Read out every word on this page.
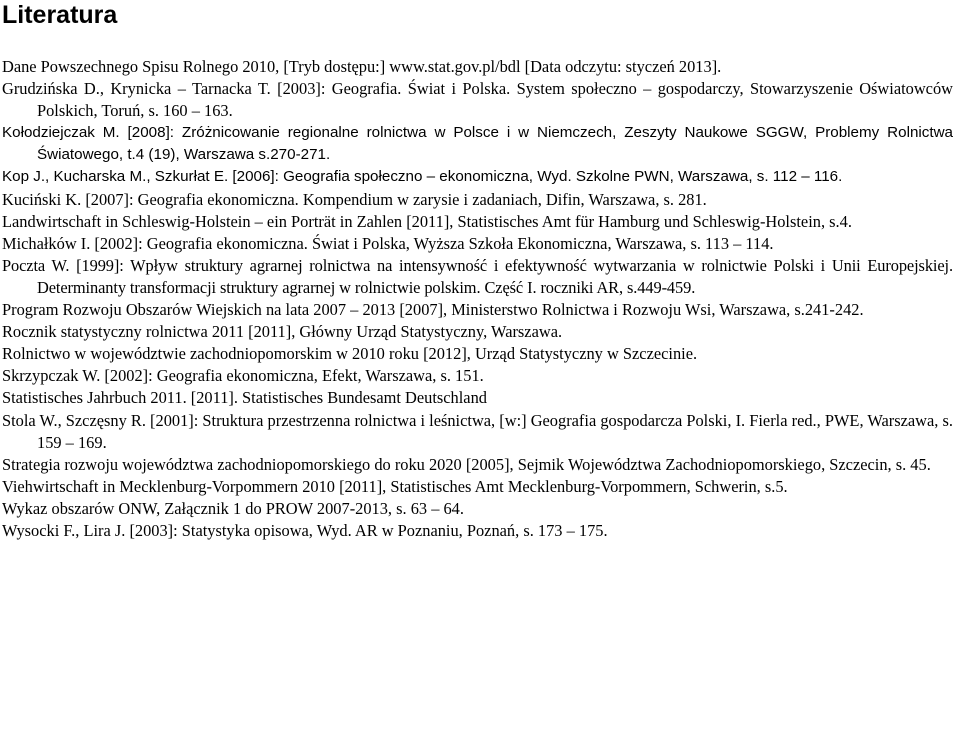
Literatura
Dane Powszechnego Spisu Rolnego 2010, [Tryb dostępu:] www.stat.gov.pl/bdl [Data odczytu: styczeń 2013].
Grudzińska D., Krynicka – Tarnacka T. [2003]: Geografia. Świat i Polska. System społeczno – gospodarczy, Stowarzyszenie Oświatowców Polskich, Toruń, s. 160 – 163.
Kołodziejczak M. [2008]: Zróżnicowanie regionalne rolnictwa w Polsce i w Niemczech, Zeszyty Naukowe SGGW, Problemy Rolnictwa Światowego, t.4 (19), Warszawa s.270-271.
Kop J., Kucharska M., Szkurłat E. [2006]: Geografia społeczno – ekonomiczna, Wyd. Szkolne PWN, Warszawa, s. 112 – 116.
Kuciński K. [2007]: Geografia ekonomiczna. Kompendium w zarysie i zadaniach, Difin, Warszawa, s. 281.
Landwirtschaft in Schleswig-Holstein – ein Porträt in Zahlen [2011], Statistisches Amt für Hamburg und Schleswig-Holstein, s.4.
Michałków I. [2002]: Geografia ekonomiczna. Świat i Polska, Wyższa Szkoła Ekonomiczna, Warszawa, s. 113 – 114.
Poczta W. [1999]: Wpływ struktury agrarnej rolnictwa na intensywność i efektywność wytwarzania w rolnictwie Polski i Unii Europejskiej. Determinanty transformacji struktury agrarnej w rolnictwie polskim. Część I. roczniki AR, s.449-459.
Program Rozwoju Obszarów Wiejskich na lata 2007 – 2013 [2007], Ministerstwo Rolnictwa i Rozwoju Wsi, Warszawa, s.241-242.
Rocznik statystyczny rolnictwa 2011 [2011], Główny Urząd Statystyczny, Warszawa.
Rolnictwo w województwie zachodniopomorskim w 2010 roku [2012], Urząd Statystyczny w Szczecinie.
Skrzypczak W. [2002]: Geografia ekonomiczna, Efekt, Warszawa, s. 151.
Statistisches Jahrbuch 2011. [2011]. Statistisches Bundesamt Deutschland
Stola W., Szczęsny R. [2001]: Struktura przestrzenna rolnictwa i leśnictwa, [w:] Geografia gospodarcza Polski, I. Fierla red., PWE, Warszawa, s. 159 – 169.
Strategia rozwoju województwa zachodniopomorskiego do roku 2020 [2005], Sejmik Województwa Zachodniopomorskiego, Szczecin, s. 45.
Viehwirtschaft in Mecklenburg-Vorpommern 2010 [2011], Statistisches Amt Mecklenburg-Vorpommern, Schwerin, s.5.
Wykaz obszarów ONW, Załącznik 1 do PROW 2007-2013, s. 63 – 64.
Wysocki F., Lira J. [2003]: Statystyka opisowa, Wyd. AR w Poznaniu, Poznań, s. 173 – 175.
